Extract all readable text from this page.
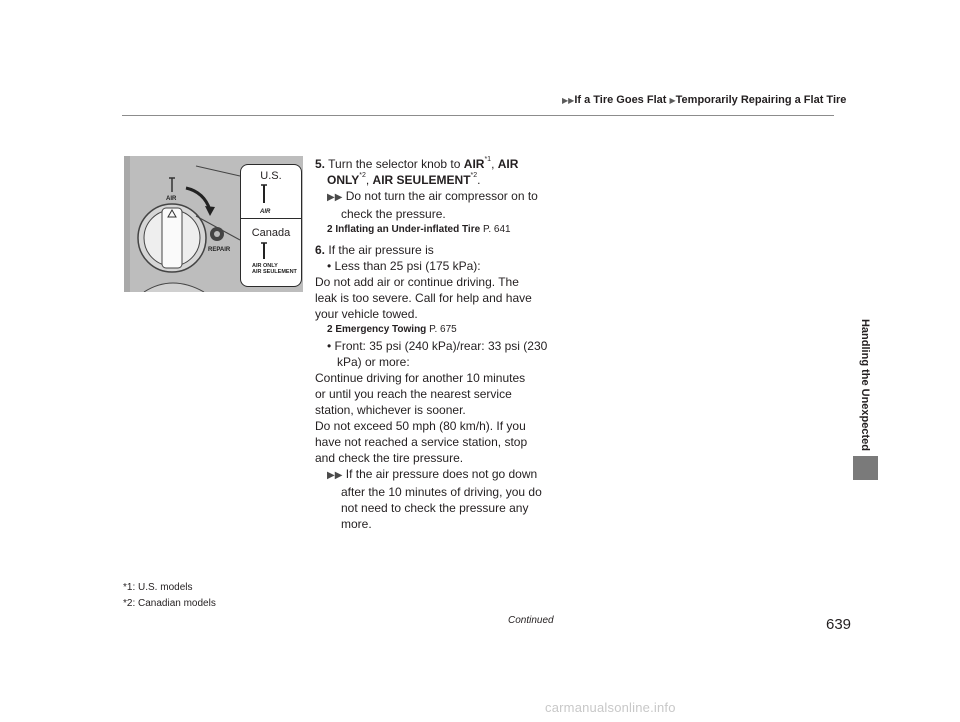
▶▶If a Tire Goes Flat ▶Temporarily Repairing a Flat Tire
Handling the Unexpected
AIR
REPAIR
U.S.
AIR
AIR ONLY
AIR SEULEMENT
Canada
5. Turn the selector knob to AIR$^{*1}$, AIR
ONLY$^{*2}$, AIR SEULEMENT$^{*2}$.
▶▶ Do not turn the air compressor on to
check the pressure.
2 Inflating an Under-inflated Tire P. 641
6. If the air pressure is
• Less than 25 psi (175 kPa):
Do not add air or continue driving. The
leak is too severe. Call for help and have
your vehicle towed.
2 Emergency Towing P. 675
• Front: 35 psi (240 kPa)/rear: 33 psi (230
kPa) or more:
Continue driving for another 10 minutes
or until you reach the nearest service
station, whichever is sooner.
Do not exceed 50 mph (80 km/h). If you
have not reached a service station, stop
and check the tire pressure.
▶▶ If the air pressure does not go down
after the 10 minutes of driving, you do
not need to check the pressure any
more.
*1: U.S. models
*2: Canadian models
Continued	639
carmanualsonline.info
